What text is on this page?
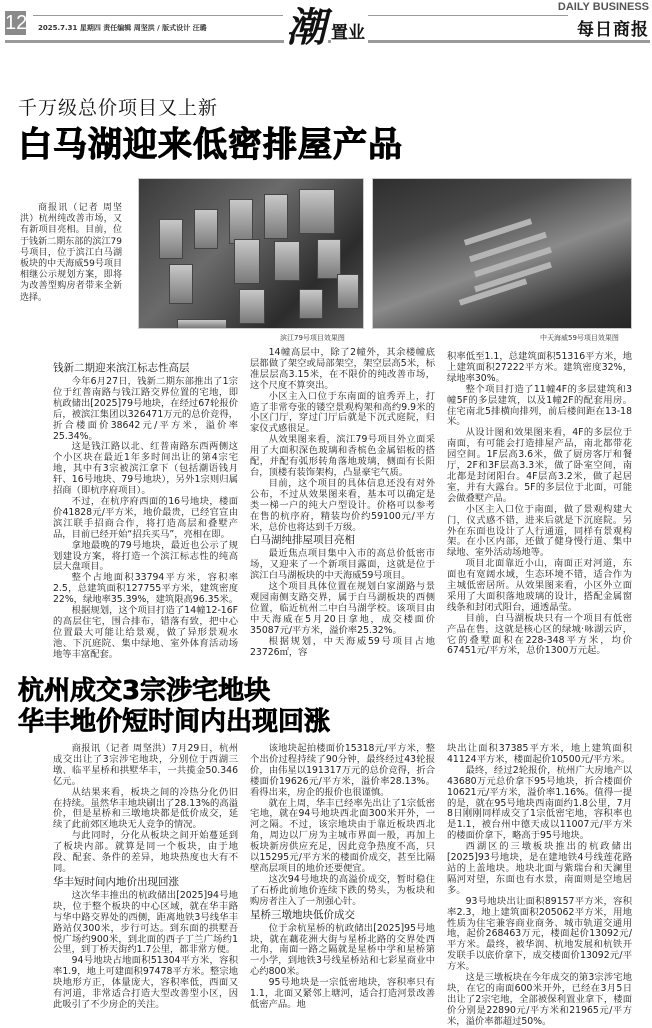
12 2025.7.31 星期四 责任编辑 周坚洪 / 版式设计 汪璐 潮 置业
DAILY BUSINESS
每日商报
千万级总价项目又上新
白马湖迎来低密排屋产品
商报讯（记者 周坚洪）杭州纯改善市场，又有新项目亮相。目前，位于钱新二期东部的滨江79号项目，位于滨江白马湖板块的中天海威59号项目相继公示规划方案，即将为改善型购房者带来全新选择。
滨江79号项目效果图	中天海威59号项目效果图
钱新二期迎来滨江标志性高层

今年6月27日，钱新二期东部推出了1宗位于红普南路与钱江路交界位置的宅地，即杭政储出[2025]79号地块，在经过67轮报价后，被滨江集团以326471万元的总价竞得，折合楼面价38642元/平方米，溢价率25.34%。

这是钱江路以北、红普南路东西两侧这个小区块在最近1年多时间出让的第4宗宅地，其中有3宗被滨江拿下（包括潮语钱月轩、16号地块、79号地块），另外1宗则归属招商（即杭序府项目）。

不过，在杭序府西面的16号地块，楼面价41828元/平方米，地价最贵，已经官宣由滨江联手招商合作，将打造高层和叠墅产品，目前已经开始“招兵买马”，亮相在即。

拿地最晚的79号地块，最近也公示了规划建设方案，将打造一个滨江标志性的纯高层大盘项目。

整个占地面积33794平方米，容积率2.5，总建筑面积127755平方米，建筑密度22%，绿地率35.39%，建筑限高96.35米。

根据规划，这个项目打造了14幢12-16F的高层住宅，围合排布，错落有致，把中心位置最大可能让给景观，做了异形景观水池、下沉庭院、集中绿地、室外体育活动场地等丰富配套。

14幢高层中，除了2幢外，其余楼幢底层都做了架空或局部架空，架空层高5米，标准层层高3.15米，在不限价的纯改善市场，这个尺度不算突出。

小区主入口位于东南面的谊秀弄上，打造了非常夸张的镂空景观构架和高约9.9米的小区门厅，穿过门厅后就是下沉式庭院，归家仪式感很足。

从效果图来看，滨江79号项目外立面采用了大面积深色玻璃和香槟色金属铝板的搭配，并配有弧形转角落地玻璃，侧面有长阳台，顶楼有装饰架构，凸显豪宅气质。

目前，这个项目的具体信息还没有对外公布，不过从效果图来看，基本可以确定是类一梯一户的纯大户型设计。价格可以参考在售的杭序府，精装均价约59100元/平方米，总价也将达到千万级。

白马湖纯排屋项目亮相

最近焦点项目集中入市的高总价低密市场，又迎来了一个新项目露面，这就是位于滨江白马湖板块的中天海威59号项目。

这个项目具体位置在规划白家湖路与景观园南侧支路交界，属于白马湖板块的西侧位置，临近杭州二中白马湖学校。该项目由中天海威在5月20日拿地，成交楼面价35087元/平方米，溢价率25.32%。

根据规划，中天海威59号项目占地23726㎡，容

积率低至1.1，总建筑面积51316平方米，地上建筑面积27222平方米。建筑密度32%，绿地率30%。

整个项目打造了11幢4F的多层建筑和3幢5F的多层建筑，以及1幢2F的配套用房。住宅南北5排横向排列，前后楼间距在13-18米。

从设计图和效果图来看，4F的多层位于南面，有可能会打造排屋产品，南北都带花园空间。1F层高3.6米，做了厨房客厅和餐厅，2F和3F层高3.3米，做了卧室空间，南北都是封闭阳台。4F层高3.2米，做了起居室，并有大露台。5F的多层位于北面，可能会做叠墅产品。

小区主入口位于南面，做了景观构建大门，仪式感不错，进来后就是下沉庭院。另外在东面也设计了人行通道，同样有景观构架。在小区内部，还做了健身慢行道、集中绿地、室外活动场地等。

项目北面靠近小山，南面正对河道，东面也有宽阔水域，生态环境不错，适合作为主城低密居所。从效果图来看，小区外立面采用了大面积落地玻璃的设计，搭配金属窗线条和封闭式阳台，通透晶莹。

目前，白马湖板块只有一个项目有低密产品在售，这就是核心区的绿城·咏湖云庐，它的叠墅面积在228-348平方米，均价67451元/平方米，总价1300万元起。

杭州成交3宗涉宅地块
华丰地价短时间内出现回涨

商报讯（记者 周坚洪）7月29日，杭州成交出让了3宗涉宅地块，分别位于西湖三墩、临平星桥和拱墅华丰，一共揽金50.346亿元。

从结果来看，板块之间的冷热分化仍旧在持续。虽然华丰地块刷出了28.13%的高溢价，但是星桥和三墩地块都是低价成交，延续了此前郊区地块无人竞争的情况。

与此同时，分化从板块之间开始蔓延到了板块内部。就算是同一个板块，由于地段、配套、条件的差异，地块热度也大有不同。

华丰短时间内地价出现回涨

这次华丰推出的杭政储出[2025]94号地块，位于整个板块的中心区域，就在华丰路与华中路交界处的西侧，距离地铁3号线华丰路站仅300米，步行可达。到东面的拱墅吾悦广场约900米，到北面的西子丁兰广场约1公里，到丁桥天街约1.7公里，都非常方便。

94号地块占地面积51304平方米，容积率1.9，地上可建面积97478平方米。整宗地块地形方正，体量庞大，容积率低，西面又有河道，非常适合打造大型改善型小区，因此吸引了不少房企的关注。

该地块起拍楼面价15318元/平方米，整个出价过程持续了90分钟，最终经过43轮报价，由伟星以191317万元的总价竞得，折合楼面价19626元/平方米，溢价率28.13%。看得出来，房企的报价也很谨慎。

就在上周，华丰已经率先出让了1宗低密宅地，就在94号地块西北面300米开外，一河之隔。不过，该宗地块由于靠近板块西北角，周边以厂房为主城市界面一般，再加上板块新房供应充足，因此竞争热度不高，只以15295元/平方米的楼面价成交，甚至比隔壁高层项目的地价还要便宜。

这次94号地块的高溢价成交，暂时稳住了石桥此前地价连续下跌的势头，为板块和购房者注入了一剂强心针。

星桥三墩地块低价成交

位于余杭星桥的杭政储出[2025]95号地块，就在藕花洲大街与星桥北路的交界处西北角，南面一路之隔就是星桥中学和星桥第一小学，到地铁3号线星桥站和七彩星商业中心约800米。

95号地块是一宗低密地块，容积率只有1.1，北面又紧邻上塘河，适合打造河景改善低密产品。地

块出让面积37385平方米，地上建筑面积41124平方米，楼面起价10500元/平方米。

最终，经过2轮报价，杭州广大房地产以43680万元总价拿下95号地块，折合楼面价10621元/平方米，溢价率1.16%。值得一提的是，就在95号地块西南面约1.8公里，7月8日刚刚同样成交了1宗低密宅地，容积率也是1.1，被台州中德天成以11007元/平方米的楼面价拿下，略高于95号地块。

西湖区的三墩板块推出的杭政储出[2025]93号地块，是在建地铁4号线莲花路站的上盖地块。地块北面与紫瑞台和天澜里隔河对望，东面也有水景，南面则是空地居多。

93号地块出让面积89157平方米，容积率2.3，地上建筑面积205062平方米，用地性质为住宅兼容商业商务、城市轨道交通用地，起价268463万元，楼面起价13092元/平方米。最终，被华润、杭地发展和杭铁开发联手以底价拿下，成交楼面价13092元/平方米。

这是三墩板块在今年成交的第3宗涉宅地块，在它的南面600米开外，已经在3月5日出让了2宗宅地，全部被保利置业拿下，楼面价分别是22890元/平方米和21965元/平方米，溢价率都超过50%。
